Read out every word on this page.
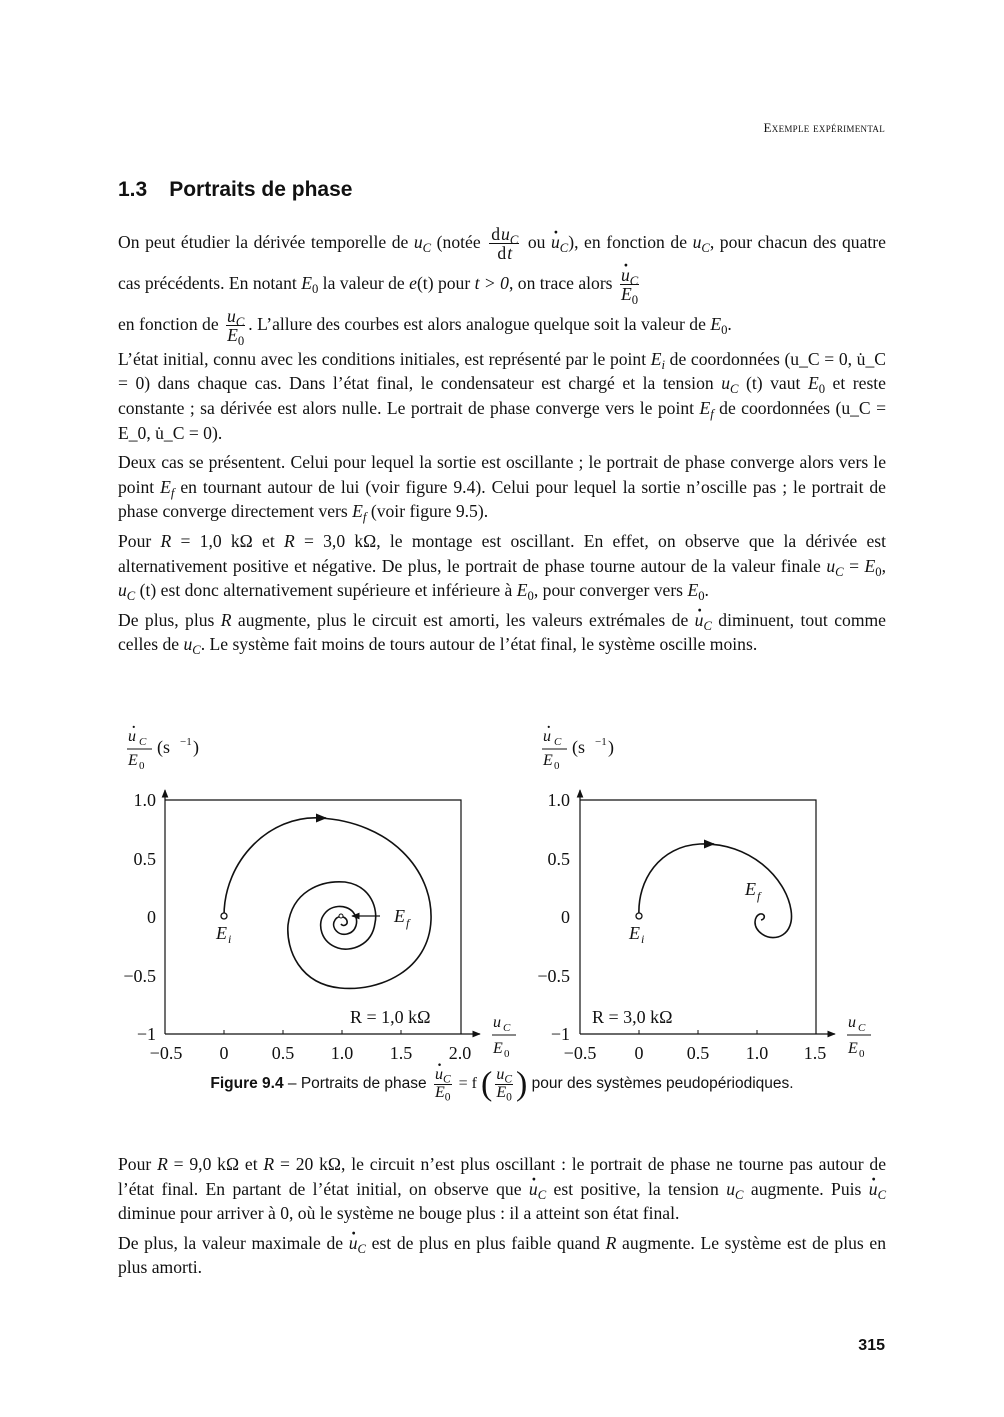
Exemple expérimental
1.3 Portraits de phase

On peut étudier la dérivée temporelle de $u_C$ (notée $\frac{du_C}{dt}$ ou $u \cdot_C$), en fonction de $u_C$, pour chacun des quatre cas précédents. En notant $E_0$ la valeur de e(t) pour t > 0, on trace alors $\frac{u \cdot_C}{E_0}$

en fonction de $\frac{u_C}{E_0}$ . L’allure des courbes est alors analogue quelque soit la valeur de $E_0$.

L’état initial, connu avec les conditions initiales, est représenté par le point $E_i$ de coordonnées (u_C = 0, u̇_C = 0) dans chaque cas. Dans l’état final, le condensateur est chargé et la tension $u_C$ (t) vaut $E_0$ et reste constante ; sa dérivée est alors nulle. Le portrait de phase converge vers le point $E_f$ de coordonnées (u_C = E_0, u̇_C = 0).

Deux cas se présentent. Celui pour lequel la sortie est oscillante ; le portrait de phase converge alors vers le point $E_f$ en tournant autour de lui (voir figure 9.4). Celui pour lequel la sortie n’oscille pas ; le portrait de phase converge directement vers $E_f$ (voir figure 9.5).

Pour R = 1,0 kΩ et R = 3,0 kΩ, le montage est oscillant. En effet, on observe que la dérivée est alternativement positive et négative. De plus, le portrait de phase tourne autour de la valeur finale $u_C = E_0$, $u_C$ (t) est donc alternativement supérieure et inférieure à $E_0$, pour converger vers $E_0$.

De plus, plus R augmente, plus le circuit est amorti, les valeurs extrémales de $u \cdot_C$ diminuent, tout comme celles de $u_C$. Le système fait moins de tours autour de l’état final, le système oscille moins.

u
.
C
E 0
(s −1 )
−0.5 0 0.5 1.0 1.5 2.0
1.0
0.5
0
−0.5
−1
u C
E 0
E i
E f
R = 1,0 kΩ
u
.
C
E 0
(s −1 )
−0.5 0 0.5 1.0 1.5
1.0
0.5
0
−0.5
−1
u C
E 0
E i
E f
R = 3,0 kΩ
Figure 9.4 – Portraits de phase $\frac{u \cdot_C}{E_0} = f$ ( $\frac{u_C}{E_0}$ ) pour des systèmes peudopériodiques.

Pour R = 9,0 kΩ et R = 20 kΩ, le circuit n’est plus oscillant : le portrait de phase ne tourne pas autour de l’état final. En partant de l’état initial, on observe que $u \cdot_C$ est positive, la tension $u_C$ augmente. Puis $u \cdot_C$ diminue pour arriver à 0, où le système ne bouge plus : il a atteint son état final.

De plus, la valeur maximale de $u \cdot_C$ est de plus en plus faible quand R augmente. Le système est de plus en plus amorti.

315
